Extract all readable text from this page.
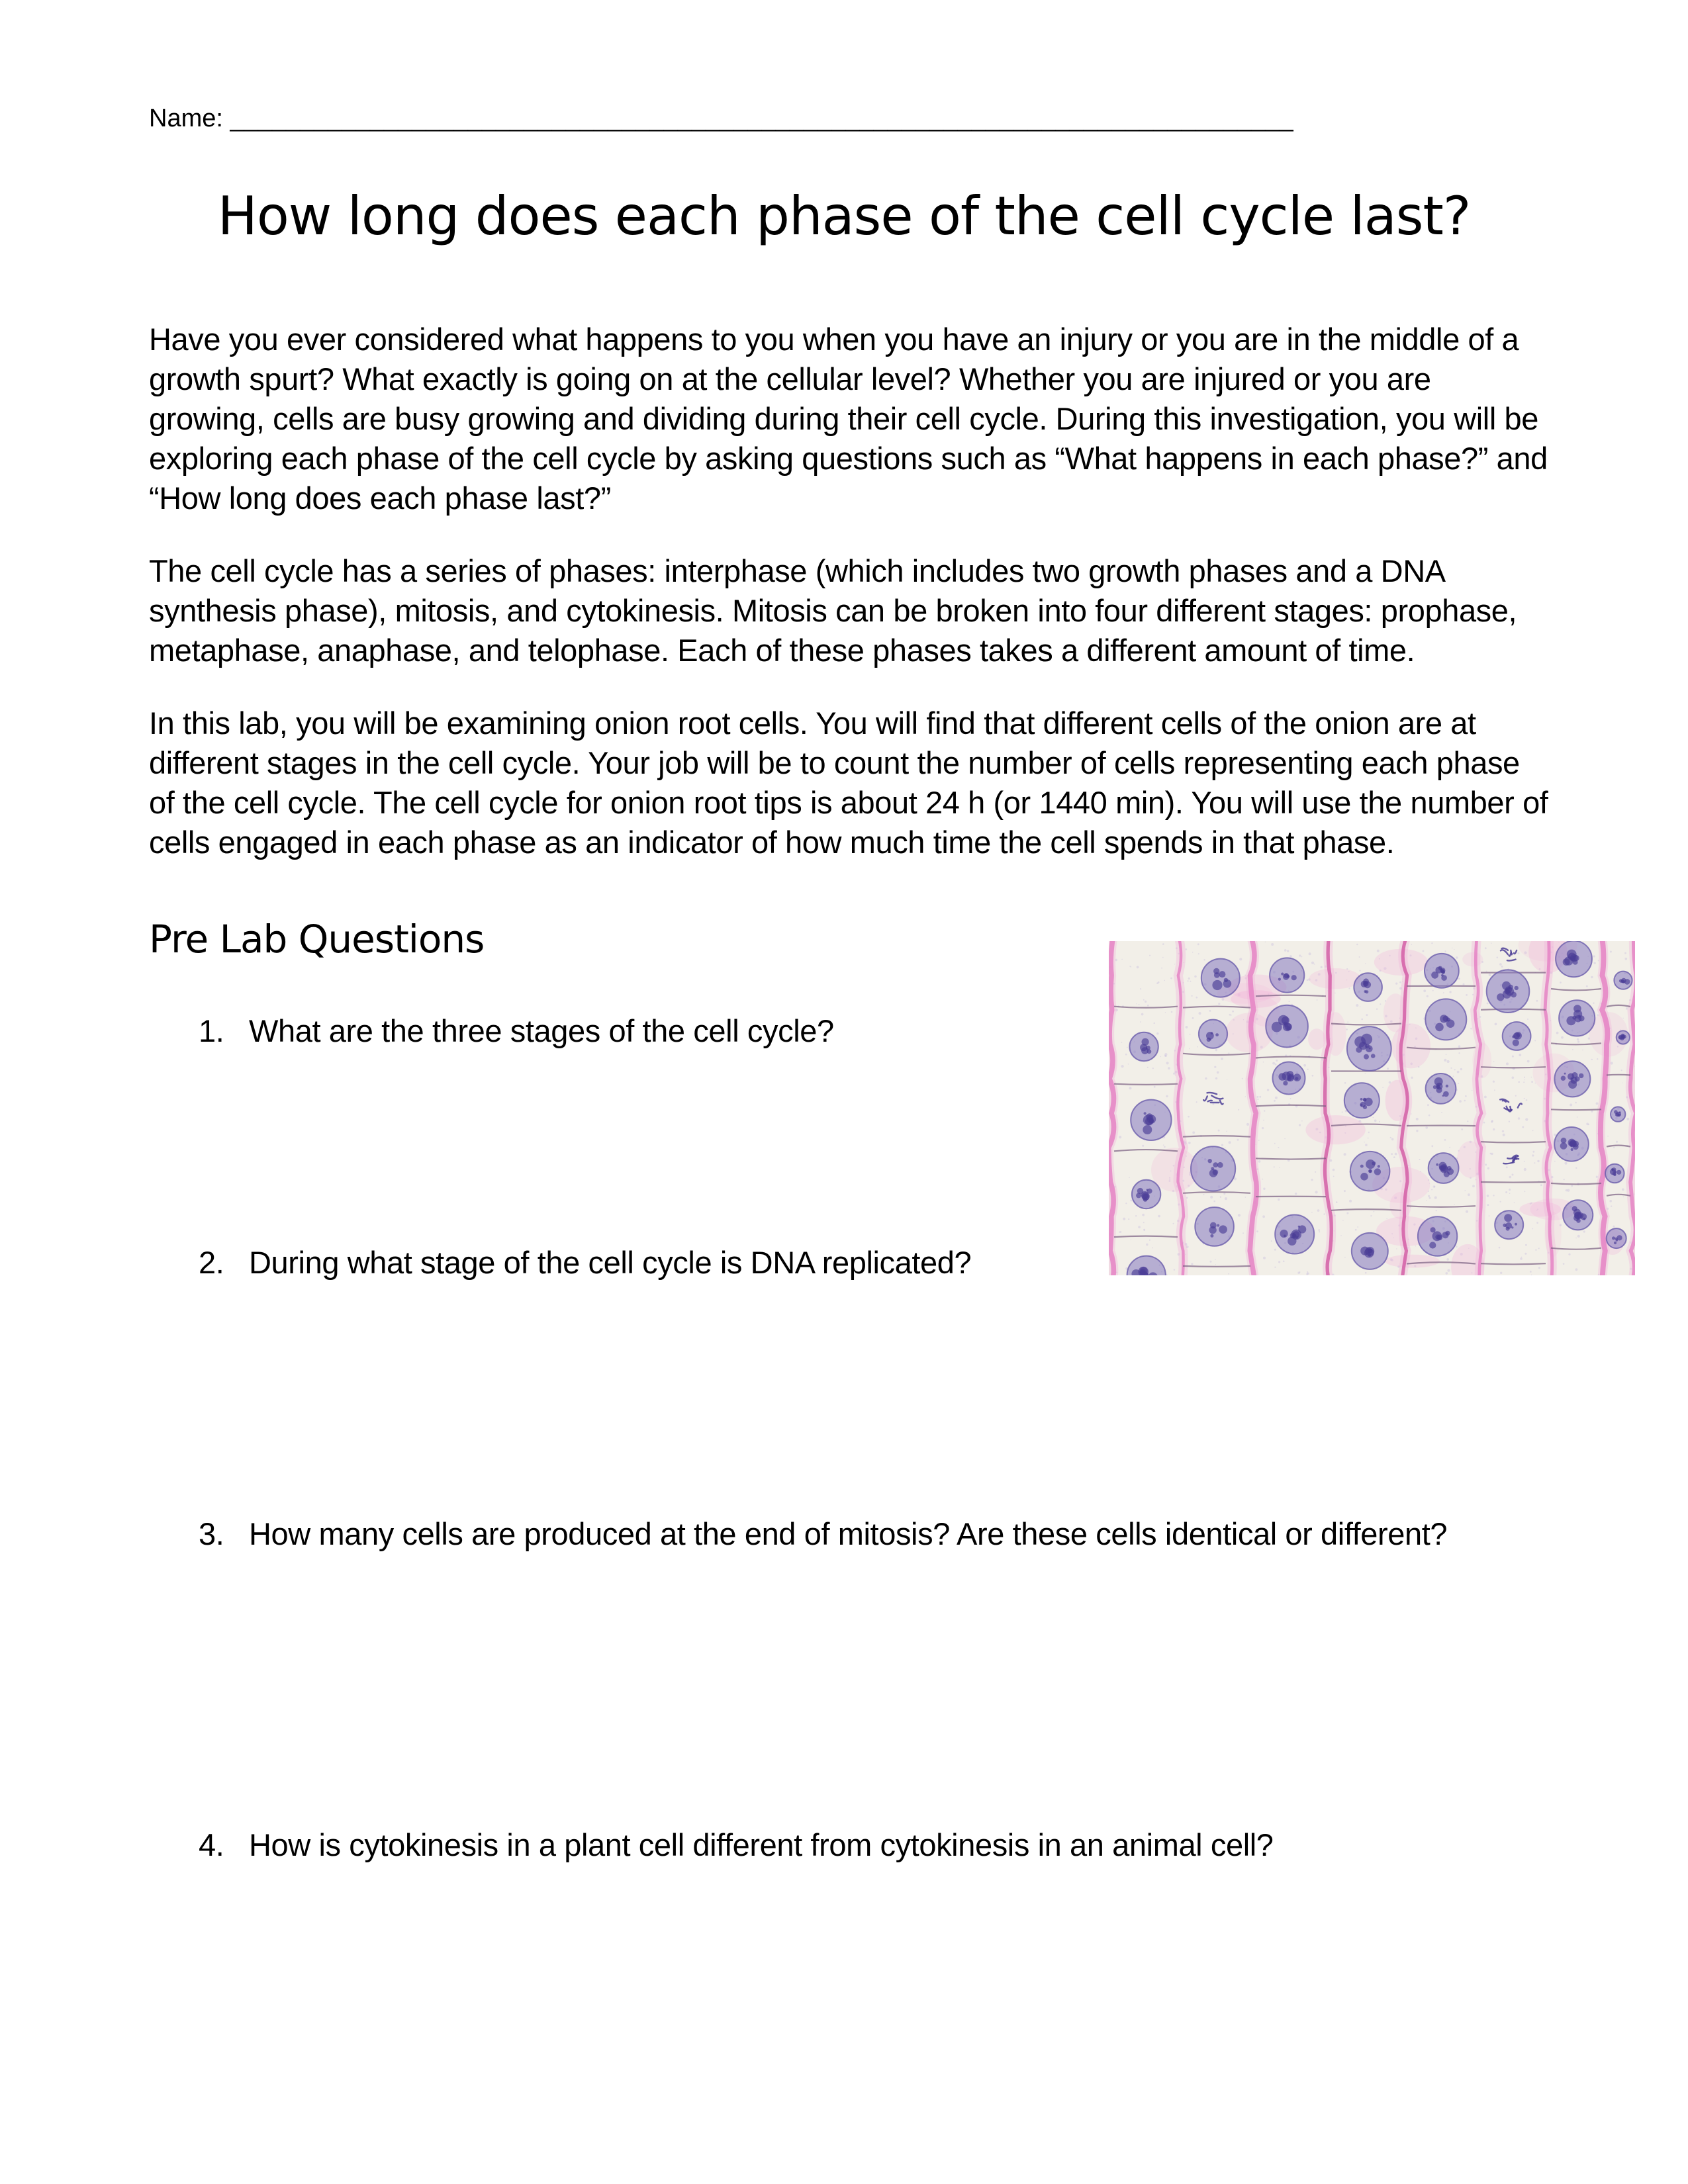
Name: ____________________________________________________________________________
How long does each phase of the cell cycle last?

Have you ever considered what happens to you when you have an injury or you are in the middle of a growth spurt? What exactly is going on at the cellular level? Whether you are injured or you are growing, cells are busy growing and dividing during their cell cycle. During this investigation, you will be exploring each phase of the cell cycle by asking questions such as “What happens in each phase?” and “How long does each phase last?”

The cell cycle has a series of phases: interphase (which includes two growth phases and a DNA synthesis phase), mitosis, and cytokinesis. Mitosis can be broken into four different stages: prophase, metaphase, anaphase, and telophase. Each of these phases takes a different amount of time.

In this lab, you will be examining onion root cells. You will find that different cells of the onion are at different stages in the cell cycle. Your job will be to count the number of cells representing each phase of the cell cycle. The cell cycle for onion root tips is about 24 h (or 1440 min). You will use the number of cells engaged in each phase as an indicator of how much time the cell spends in that phase.

Pre Lab Questions
1. What are the three stages of the cell cycle?
2. During what stage of the cell cycle is DNA replicated?
3. How many cells are produced at the end of mitosis? Are these cells identical or different?
4. How is cytokinesis in a plant cell different from cytokinesis in an animal cell?
